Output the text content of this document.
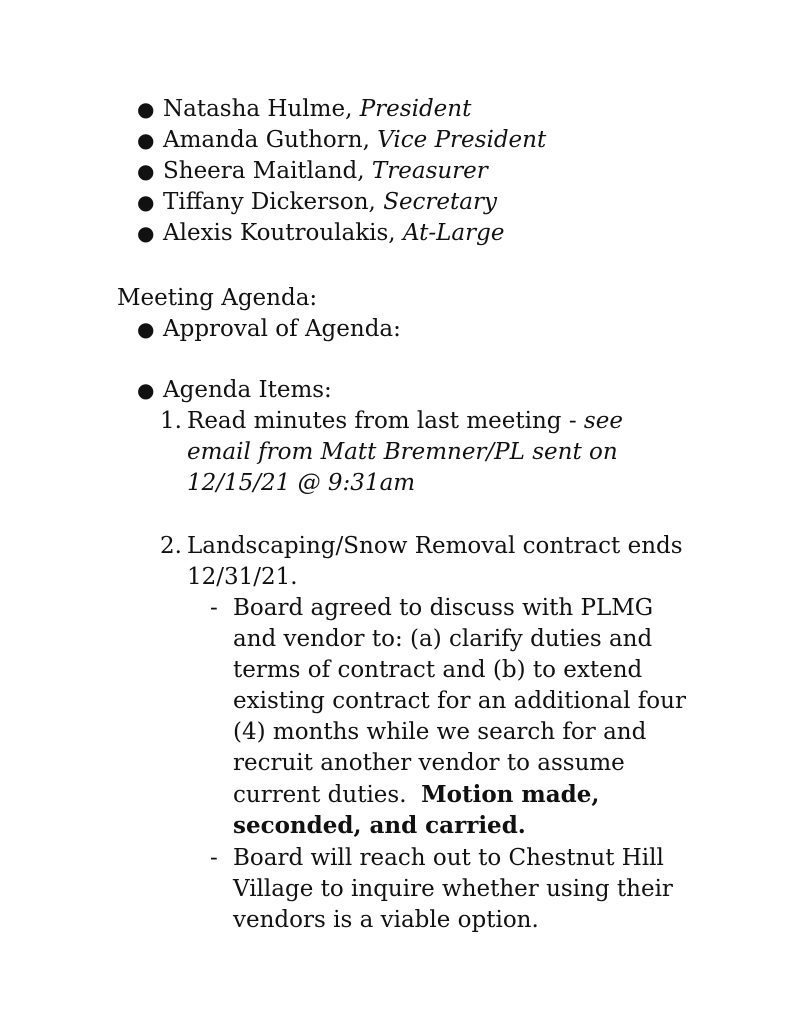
● Natasha Hulme, President
● Amanda Guthorn, Vice President
● Sheera Maitland, Treasurer
● Tiffany Dickerson, Secretary
● Alexis Koutroulakis, At-Large
Meeting Agenda:
● Approval of Agenda:
● Agenda Items:
1. Read minutes from last meeting - see
email from Matt Bremner/PL sent on
12/15/21 @ 9:31am
2. Landscaping/Snow Removal contract ends
12/31/21.
- Board agreed to discuss with PLMG
and vendor to: (a) clarify duties and
terms of contract and (b) to extend
existing contract for an additional four
(4) months while we search for and
recruit another vendor to assume
current duties. Motion made,
seconded, and carried.
- Board will reach out to Chestnut Hill
Village to inquire whether using their
vendors is a viable option.
